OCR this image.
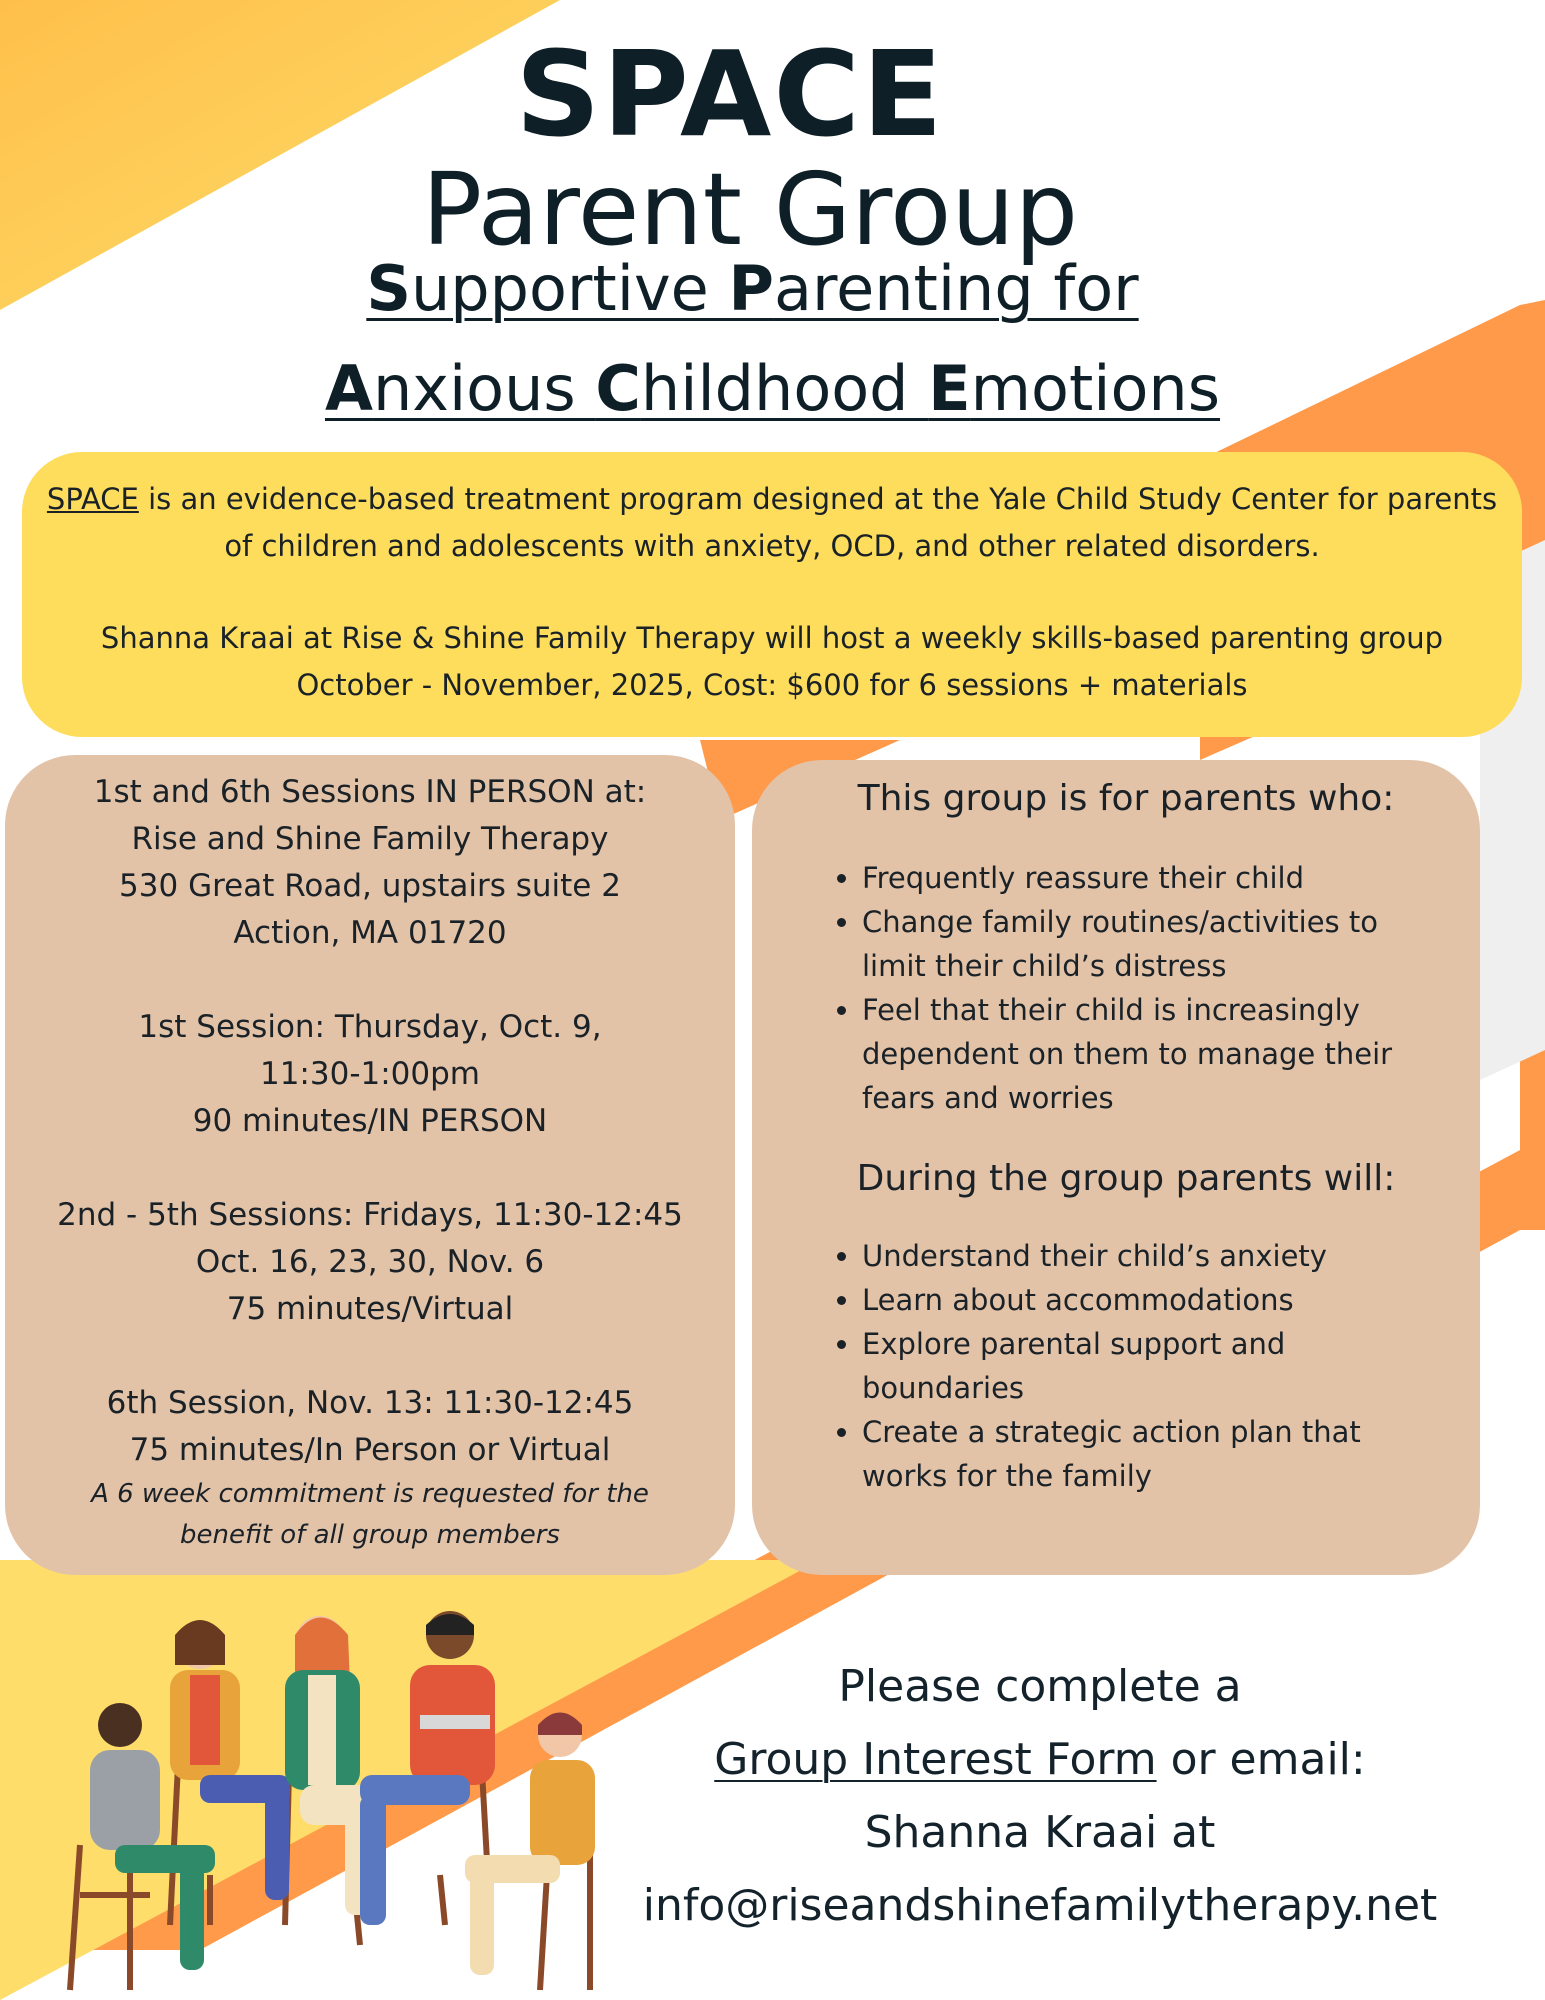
SPACE
Parent Group
Supportive Parenting for
Anxious Childhood Emotions

SPACE is an evidence-based treatment program designed at the Yale Child Study Center for parents

of children and adolescents with anxiety, OCD, and other related disorders.

Shanna Kraai at Rise & Shine Family Therapy will host a weekly skills-based parenting group

October - November, 2025, Cost: $600 for 6 sessions + materials

1st and 6th Sessions IN PERSON at:

Rise and Shine Family Therapy

530 Great Road, upstairs suite 2

Action, MA 01720

1st Session: Thursday, Oct. 9,

11:30-1:00pm

90 minutes/IN PERSON

2nd - 5th Sessions: Fridays, 11:30-12:45

Oct. 16, 23, 30, Nov. 6

75 minutes/Virtual

6th Session, Nov. 13: 11:30-12:45

75 minutes/In Person or Virtual

A 6 week commitment is requested for the

benefit of all group members

This group is for parents who:
• Frequently reassure their child
• Change family routines/activities to limit their child’s distress
• Feel that their child is increasingly dependent on them to manage their fears and worries
During the group parents will:
• Understand their child’s anxiety
• Learn about accommodations
• Explore parental support and boundaries
• Create a strategic action plan that works for the family

Please complete a

Group Interest Form or email:

Shanna Kraai at

info@riseandshinefamilytherapy.net
